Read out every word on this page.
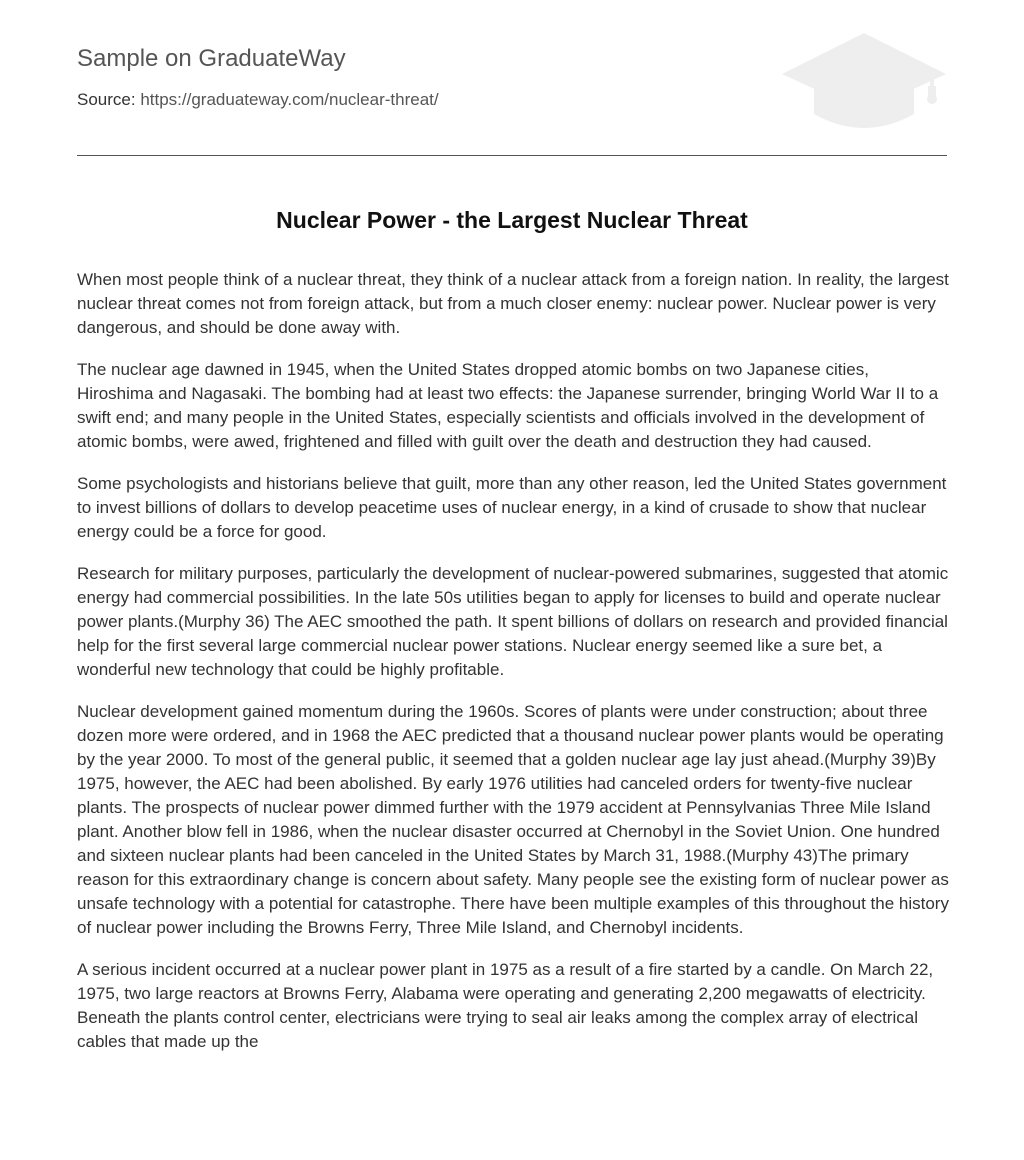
Sample on GraduateWay
Source: https://graduateway.com/nuclear-threat/
Nuclear Power - the Largest Nuclear Threat

When most people think of a nuclear threat, they think of a nuclear attack from a foreign nation. In reality, the largest nuclear threat comes not from foreign attack, but from a much closer enemy: nuclear power. Nuclear power is very dangerous, and should be done away with.

The nuclear age dawned in 1945, when the United States dropped atomic bombs on two Japanese cities, Hiroshima and Nagasaki. The bombing had at least two effects: the Japanese surrender, bringing World War II to a swift end; and many people in the United States, especially scientists and officials involved in the development of atomic bombs, were awed, frightened and filled with guilt over the death and destruction they had caused.

Some psychologists and historians believe that guilt, more than any other reason, led the United States government to invest billions of dollars to develop peacetime uses of nuclear energy, in a kind of crusade to show that nuclear energy could be a force for good.

Research for military purposes, particularly the development of nuclear-powered submarines, suggested that atomic energy had commercial possibilities. In the late 50s utilities began to apply for licenses to build and operate nuclear power plants.(Murphy 36) The AEC smoothed the path. It spent billions of dollars on research and provided financial help for the first several large commercial nuclear power stations. Nuclear energy seemed like a sure bet, a wonderful new technology that could be highly profitable.

Nuclear development gained momentum during the 1960s. Scores of plants were under construction; about three dozen more were ordered, and in 1968 the AEC predicted that a thousand nuclear power plants would be operating by the year 2000. To most of the general public, it seemed that a golden nuclear age lay just ahead.(Murphy 39)By 1975, however, the AEC had been abolished. By early 1976 utilities had canceled orders for twenty-five nuclear plants. The prospects of nuclear power dimmed further with the 1979 accident at Pennsylvanias Three Mile Island plant. Another blow fell in 1986, when the nuclear disaster occurred at Chernobyl in the Soviet Union. One hundred and sixteen nuclear plants had been canceled in the United States by March 31, 1988.(Murphy 43)The primary reason for this extraordinary change is concern about safety. Many people see the existing form of nuclear power as unsafe technology with a potential for catastrophe. There have been multiple examples of this throughout the history of nuclear power including the Browns Ferry, Three Mile Island, and Chernobyl incidents.

A serious incident occurred at a nuclear power plant in 1975 as a result of a fire started by a candle. On March 22, 1975, two large reactors at Browns Ferry, Alabama were operating and generating 2,200 megawatts of electricity. Beneath the plants control center, electricians were trying to seal air leaks among the complex array of electrical cables that made up the
